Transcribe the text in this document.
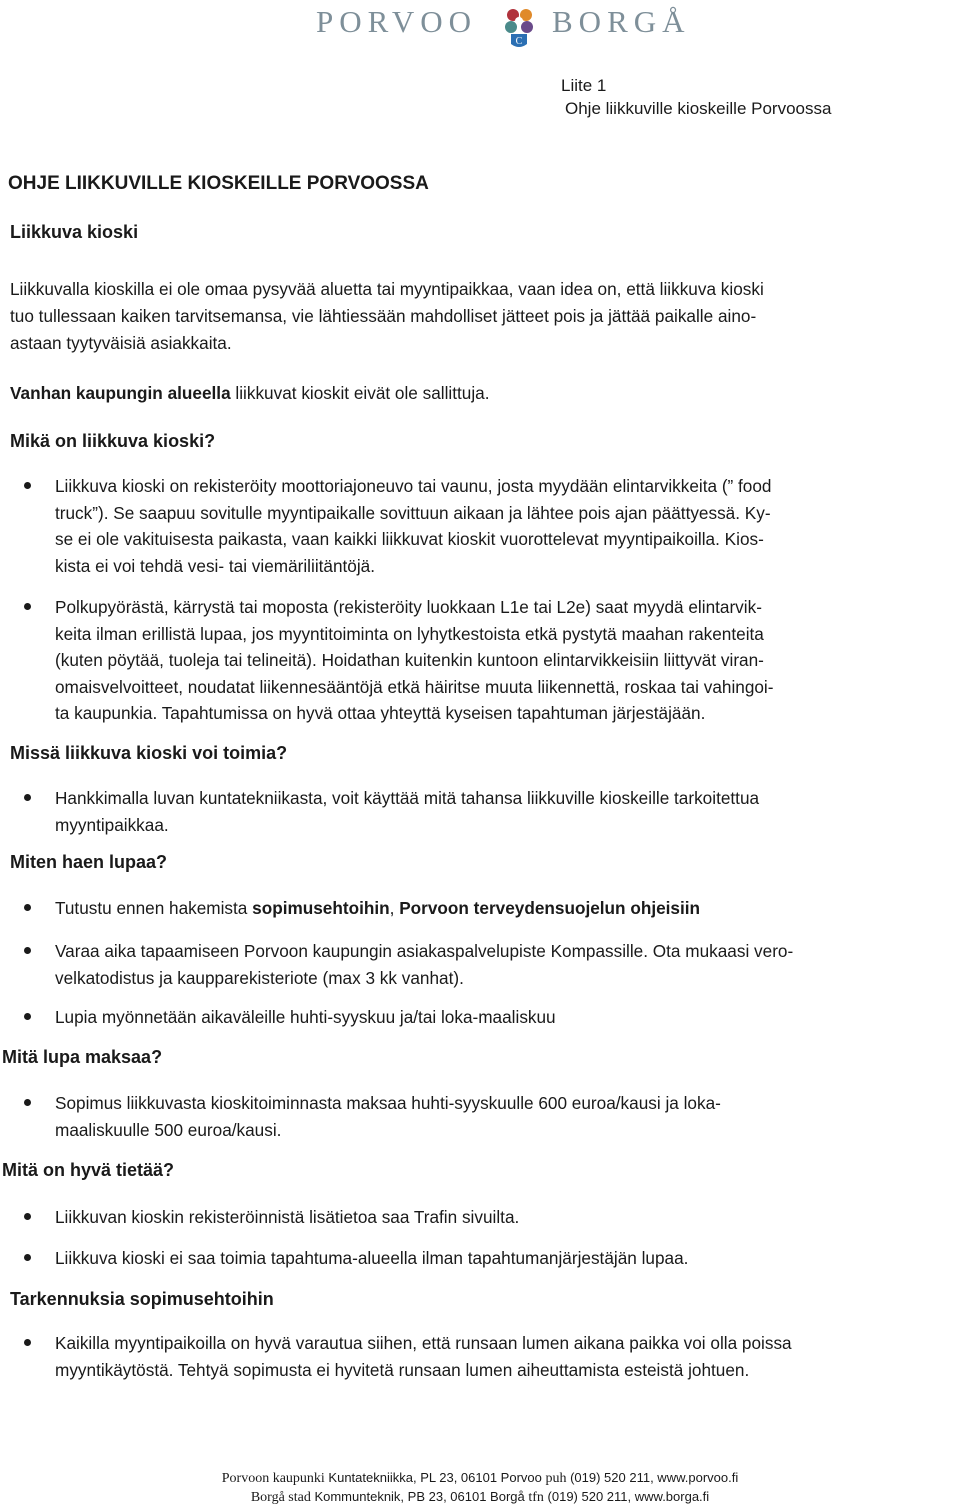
PORVOO
C
BORGÅ
Liite 1
Ohje liikkuville kioskeille Porvoossa
OHJE LIIKKUVILLE KIOSKEILLE PORVOOSSA
Liikkuva kioski
Liikkuvalla kioskilla ei ole omaa pysyvää aluetta tai myyntipaikkaa, vaan idea on, että liikkuva kioski
tuo tullessaan kaiken tarvitsemansa, vie lähtiessään mahdolliset jätteet pois ja jättää paikalle aino-
astaan tyytyväisiä asiakkaita.
Vanhan kaupungin alueella liikkuvat kioskit eivät ole sallittuja.
Mikä on liikkuva kioski?
Liikkuva kioski on rekisteröity moottoriajoneuvo tai vaunu, josta myydään elintarvikkeita (” food
truck”). Se saapuu sovitulle myyntipaikalle sovittuun aikaan ja lähtee pois ajan päättyessä. Ky-
se ei ole vakituisesta paikasta, vaan kaikki liikkuvat kioskit vuorottelevat myyntipaikoilla. Kios-
kista ei voi tehdä vesi- tai viemäriliitäntöjä.
Polkupyörästä, kärrystä tai moposta (rekisteröity luokkaan L1e tai L2e) saat myydä elintarvik-
keita ilman erillistä lupaa, jos myyntitoiminta on lyhytkestoista etkä pystytä maahan rakenteita
(kuten pöytää, tuoleja tai telineitä). Hoidathan kuitenkin kuntoon elintarvikkeisiin liittyvät viran-
omaisvelvoitteet, noudatat liikennesääntöjä etkä häiritse muuta liikennettä, roskaa tai vahingoi-
ta kaupunkia. Tapahtumissa on hyvä ottaa yhteyttä kyseisen tapahtuman järjestäjään.
Missä liikkuva kioski voi toimia?
Hankkimalla luvan kuntatekniikasta, voit käyttää mitä tahansa liikkuville kioskeille tarkoitettua
myyntipaikkaa.
Miten haen lupaa?
Tutustu ennen hakemista sopimusehtoihin, Porvoon terveydensuojelun ohjeisiin
Varaa aika tapaamiseen Porvoon kaupungin asiakaspalvelupiste Kompassille. Ota mukaasi vero-
velkatodistus ja kaupparekisteriote (max 3 kk vanhat).
Lupia myönnetään aikaväleille huhti-syyskuu ja/tai loka-maaliskuu
Mitä lupa maksaa?
Sopimus liikkuvasta kioskitoiminnasta maksaa huhti-syyskuulle 600 euroa/kausi ja loka-
maaliskuulle 500 euroa/kausi.
Mitä on hyvä tietää?
Liikkuvan kioskin rekisteröinnistä lisätietoa saa Trafin sivuilta.
Liikkuva kioski ei saa toimia tapahtuma-alueella ilman tapahtumanjärjestäjän lupaa.
Tarkennuksia sopimusehtoihin
Kaikilla myyntipaikoilla on hyvä varautua siihen, että runsaan lumen aikana paikka voi olla poissa
myyntikäytöstä. Tehtyä sopimusta ei hyvitetä runsaan lumen aiheuttamista esteistä johtuen.
Porvoon kaupunki Kuntatekniikka, PL 23, 06101 Porvoo puh (019) 520 211, www.porvoo.fi
Borgå stad Kommunteknik, PB 23, 06101 Borgå tfn (019) 520 211, www.borga.fi
